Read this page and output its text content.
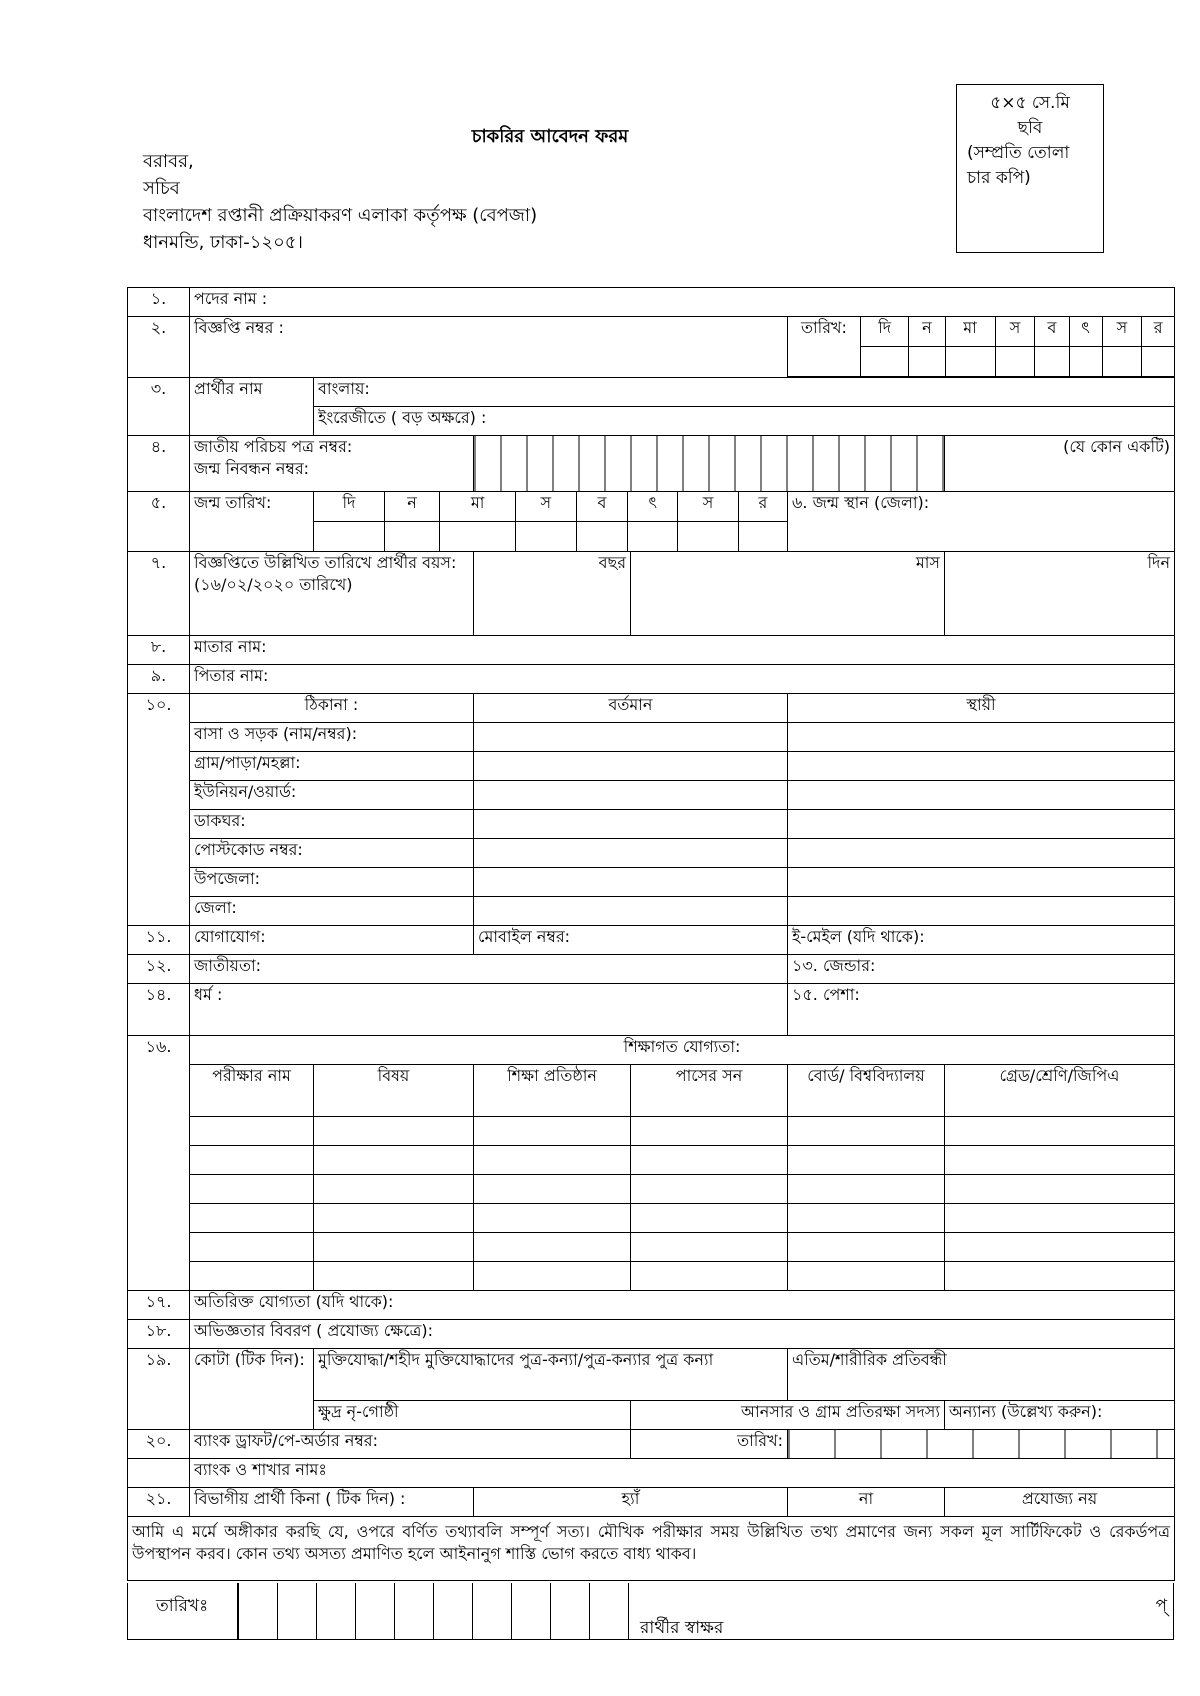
চাকরির আবেদন ফরম
বরাবর,
সচিব
বাংলাদেশ রপ্তানী প্রক্রিয়াকরণ এলাকা কর্তৃপক্ষ (বেপজা)
ধানমন্ডি, ঢাকা-১২০৫।
৫×৫ সে.মি
ছবি
(সম্প্রতি তোলা
চার কপি)
১.	পদের নাম :
২.	বিজ্ঞপ্তি নম্বর :		তারিখ:	দি	ন	মা	স	ব	ৎ	স	র

৩.	প্রার্থীর নাম	বাংলায়:
ইংরেজীতে ( বড় অক্ষরে) :
৪.	জাতীয় পরিচয় পত্র নম্বর:
জন্ম নিবন্ধন নম্বর:
		(যে কোন একটি)
৫.	জন্ম তারিখ:		দি	ন	মা	স	ব	ৎ	স	র

	৬. জন্ম স্থান (জেলা):
৭.	বিজ্ঞপ্তিতে উল্লিখিত তারিখে প্রার্থীর বয়স:
(১৬/০২/২০২০ তারিখে)
	বছর	মাস	দিন
৮.	মাতার নাম:
৯.	পিতার নাম:
১০.	ঠিকানা :	বর্তমান	স্থায়ী
বাসা ও সড়ক (নাম/নম্বর):		
গ্রাম/পাড়া/মহল্লা:		
ইউনিয়ন/ওয়ার্ড:		
ডাকঘর:		
পোস্টকোড নম্বর:		
উপজেলা:		
জেলা:		
১১.	যোগাযোগ:	মোবাইল নম্বর:	ই-মেইল (যদি থাকে):
১২.	জাতীয়তা:	১৩. জেন্ডার:
১৪.	ধর্ম :	১৫. পেশা:
১৬.	শিক্ষাগত যোগ্যতা:
পরীক্ষার নাম	বিষয়	শিক্ষা প্রতিষ্ঠান	পাসের সন	বোর্ড/ বিশ্ববিদ্যালয়	গ্রেড/শ্রেণি/জিপিএ

১৭.	অতিরিক্ত যোগ্যতা (যদি থাকে):
১৮.	অভিজ্ঞতার বিবরণ ( প্রযোজ্য ক্ষেত্রে):
১৯.	কোটা (টিক দিন):	মুক্তিযোদ্ধা/শহীদ মুক্তিযোদ্ধাদের পুত্র-কন্যা/পুত্র-কন্যার পুত্র কন্যা	এতিম/শারীরিক প্রতিবন্ধী
ক্ষুদ্র নৃ-গোষ্ঠী	আনসার ও গ্রাম প্রতিরক্ষা সদস্য	অন্যান্য (উল্লেখ্য করুন):
২০.	ব্যাংক ড্রাফট/পে-অর্ডার নম্বর:	তারিখ:	
	ব্যাংক ও শাখার নামঃ
২১.	বিভাগীয় প্রার্থী কিনা ( টিক দিন) :	হ্যাঁ	না	প্রযোজ্য নয়
আমি এ মর্মে অঙ্গীকার করছি যে, ওপরে বর্ণিত তথ্যাবলি সম্পূর্ণ সত্য। মৌখিক পরীক্ষার সময় উল্লিখিত তথ্য প্রমাণের জন্য সকল মূল সার্টিফিকেট ও রেকর্ডপত্র উপস্থাপন করব। কোন তথ্য অসত্য প্রমাণিত হলে আইনানুগ শাস্তি ভোগ করতে বাধ্য থাকব।
তারিখঃ	প্
রার্থীর স্বাক্ষর
